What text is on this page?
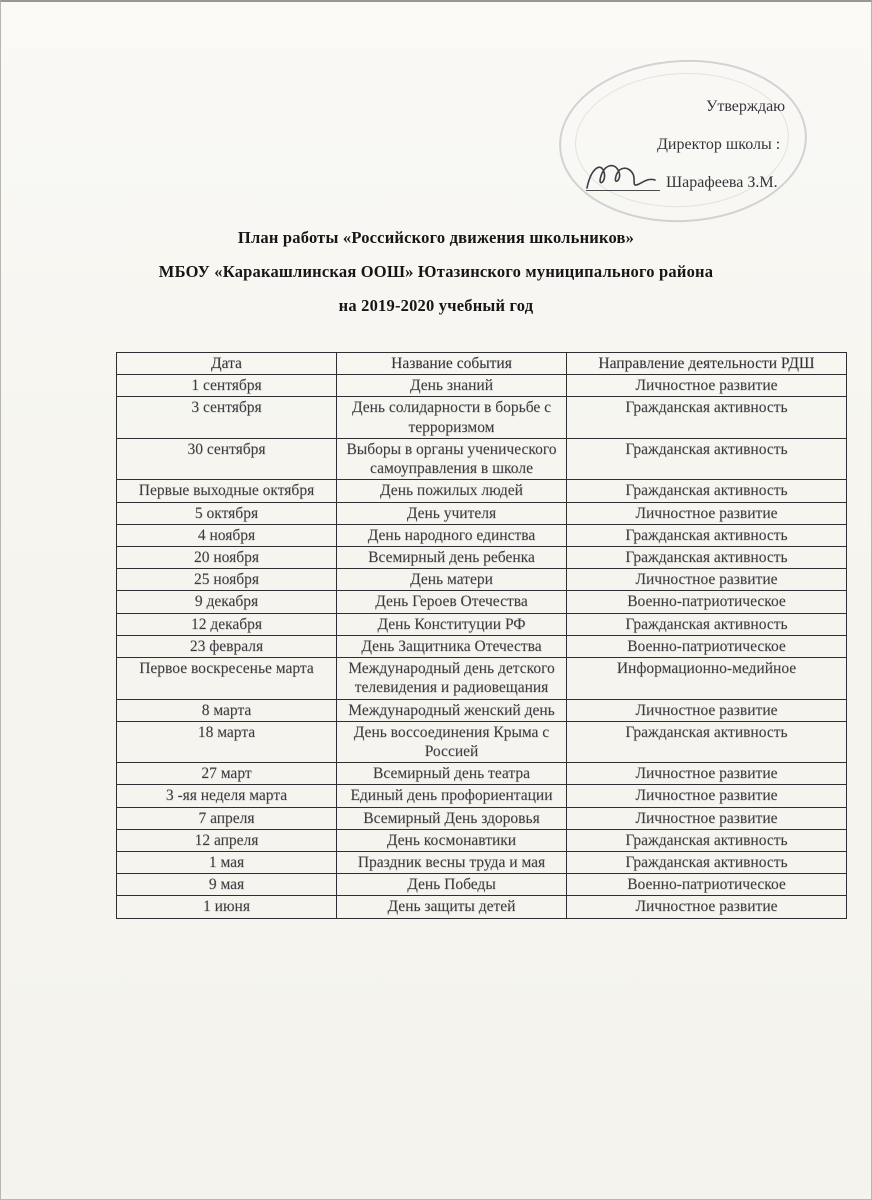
Утверждаю
Директор школы :
Шарафеева З.М.
План работы «Российского движения школьников»
МБОУ «Каракашлинская ООШ» Ютазинского муниципального района
на 2019-2020 учебный год
Дата	Название события	Направление деятельности РДШ
1 сентября	День знаний	Личностное развитие
3 сентября	День солидарности в борьбе с терроризмом	Гражданская активность
30 сентября	Выборы в органы ученического самоуправления в школе	Гражданская активность
Первые выходные октября	День пожилых людей	Гражданская активность
5 октября	День учителя	Личностное развитие
4 ноября	День народного единства	Гражданская активность
20 ноября	Всемирный день ребенка	Гражданская активность
25 ноября	День матери	Личностное развитие
9 декабря	День Героев Отечества	Военно-патриотическое
12 декабря	День Конституции РФ	Гражданская активность
23 февраля	День Защитника Отечества	Военно-патриотическое
Первое воскресенье марта	Международный день детского телевидения и радиовещания	Информационно-медийное
8 марта	Международный женский день	Личностное развитие
18 марта	День воссоединения Крыма с Россией	Гражданская активность
27 март	Всемирный день театра	Личностное развитие
3 -яя неделя марта	Единый день профориентации	Личностное развитие
7 апреля	Всемирный День здоровья	Личностное развитие
12 апреля	День космонавтики	Гражданская активность
1 мая	Праздник весны труда и мая	Гражданская активность
9 мая	День Победы	Военно-патриотическое
1 июня	День защиты детей	Личностное развитие
